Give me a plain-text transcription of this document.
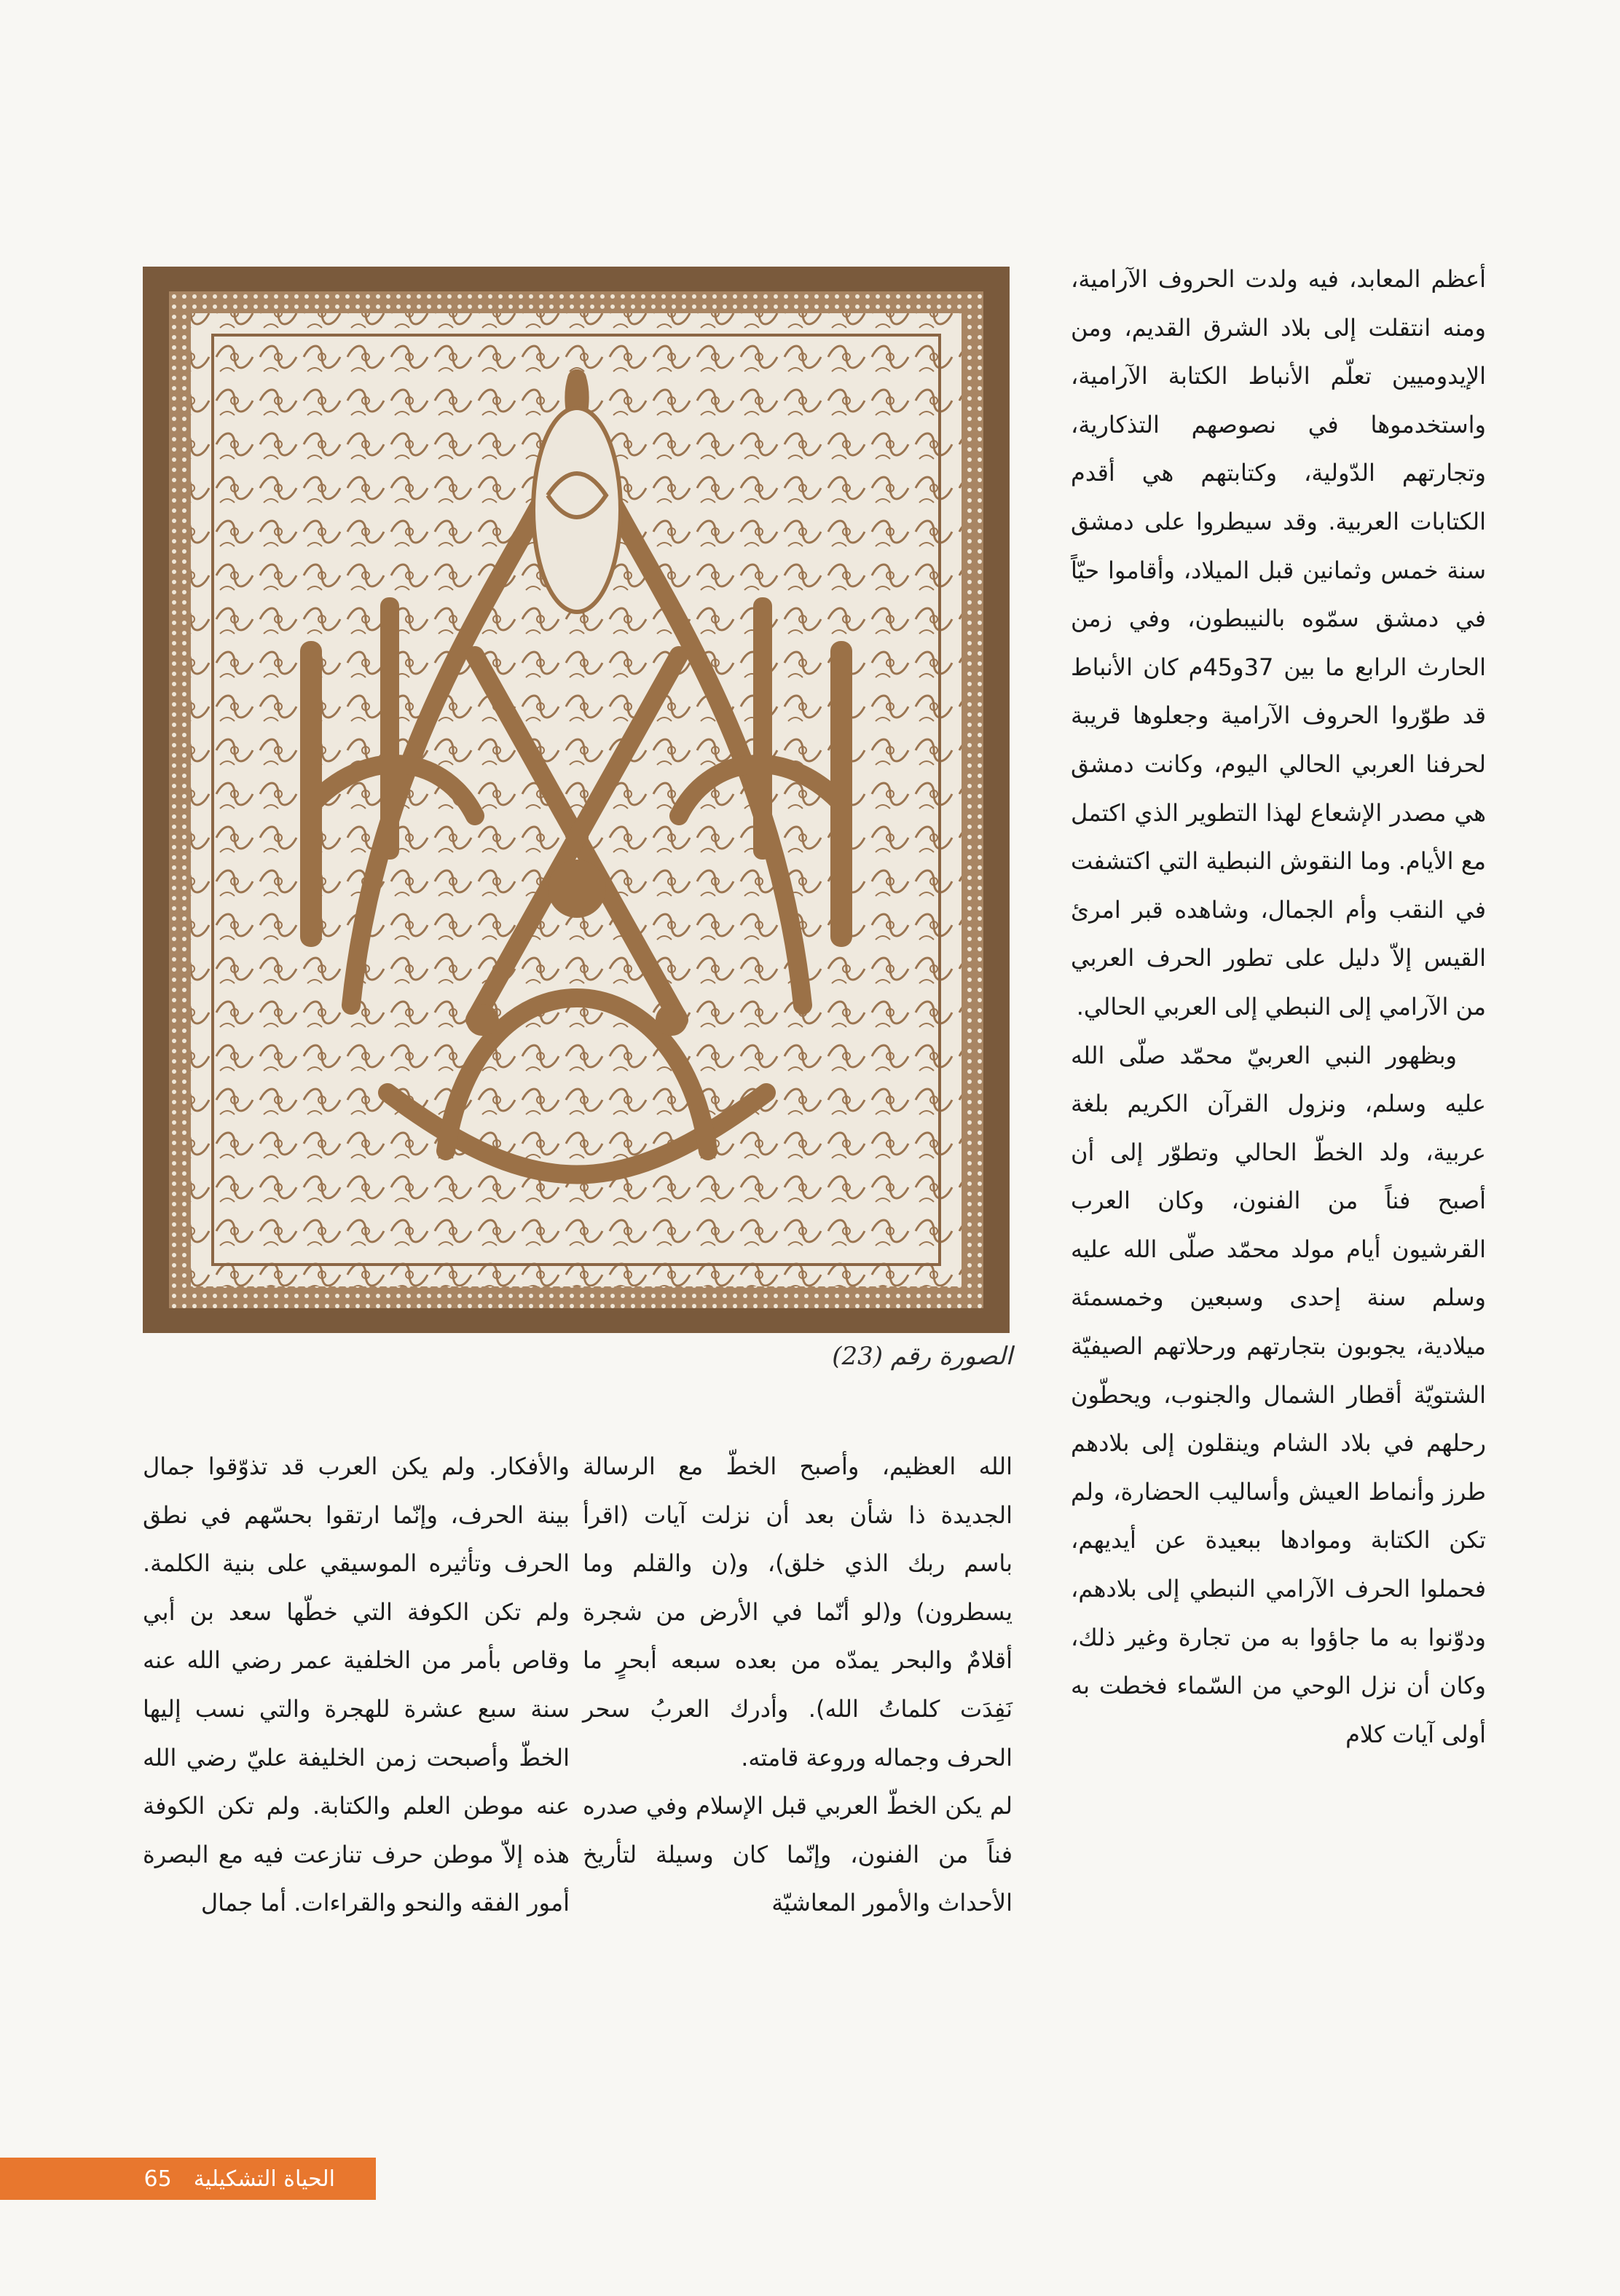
الصورة رقم (23)

أعظم المعابد، فيه ولدت الحروف الآرامية، ومنه انتقلت إلى بلاد الشرق القديم، ومن الإيدوميين تعلّم الأنباط الكتابة الآرامية، واستخدموها في نصوصهم التذكارية، وتجارتهم الدّولية، وكتابتهم هي أقدم الكتابات العربية. وقد سيطروا على دمشق سنة خمس وثمانين قبل الميلاد، وأقاموا حيّاً في دمشق سمّوه بالنيبطون، وفي زمن الحارث الرابع ما بين 37و45م كان الأنباط قد طوّروا الحروف الآرامية وجعلوها قريبة لحرفنا العربي الحالي اليوم، وكانت دمشق هي مصدر الإشعاع لهذا التطوير الذي اكتمل مع الأيام. وما النقوش النبطية التي اكتشفت في النقب وأم الجمال، وشاهده قبر امرئ القيس إلاّ دليل على تطور الحرف العربي من الآرامي إلى النبطي إلى العربي الحالي.

وبظهور النبي العربيّ محمّد صلّى الله عليه وسلم، ونزول القرآن الكريم بلغة عربية، ولد الخطّ الحالي وتطوّر إلى أن أصبح فناً من الفنون، وكان العرب القرشيون أيام مولد محمّد صلّى الله عليه وسلم سنة إحدى وسبعين وخمسمئة ميلادية، يجوبون بتجارتهم ورحلاتهم الصيفيّة الشتويّة أقطار الشمال والجنوب، ويحطّون رحلهم في بلاد الشام وينقلون إلى بلادهم طرز وأنماط العيش وأساليب الحضارة، ولم تكن الكتابة وموادها ببعيدة عن أيديهم، فحملوا الحرف الآرامي النبطي إلى بلادهم، ودوّنوا به ما جاؤوا به من تجارة وغير ذلك، وكان أن نزل الوحي من السّماء فخطت به أولى آيات كلام

الله العظيم، وأصبح الخطّ مع الرسالة الجديدة ذا شأن بعد أن نزلت آيات (اقرأ باسم ربك الذي خلق)، و(ن والقلم وما يسطرون) و(لو أنّما في الأرض من شجرة أقلامٌ والبحر يمدّه من بعده سبعه أبحرٍ ما نَفِدَت كلماتُ الله). وأدرك العربُ سحر الحرف وجماله وروعة قامته.

لم يكن الخطّ العربي قبل الإسلام وفي صدره فناً من الفنون، وإنّما كان وسيلة لتأريخ الأحداث والأمور المعاشيّة

والأفكار. ولم يكن العرب قد تذوّقوا جمال بينة الحرف، وإنّما ارتقوا بحسّهم في نطق الحرف وتأثيره الموسيقي على بنية الكلمة. ولم تكن الكوفة التي خطّها سعد بن أبي وقاص بأمر من الخلفية عمر رضي الله عنه سنة سبع عشرة للهجرة والتي نسب إليها الخطّ وأصبحت زمن الخليفة عليّ رضي الله عنه موطن العلم والكتابة. ولم تكن الكوفة هذه إلاّ موطن حرف تنازعت فيه مع البصرة أمور الفقه والنحو والقراءات. أما جمال

65 الحياة التشكيلية
